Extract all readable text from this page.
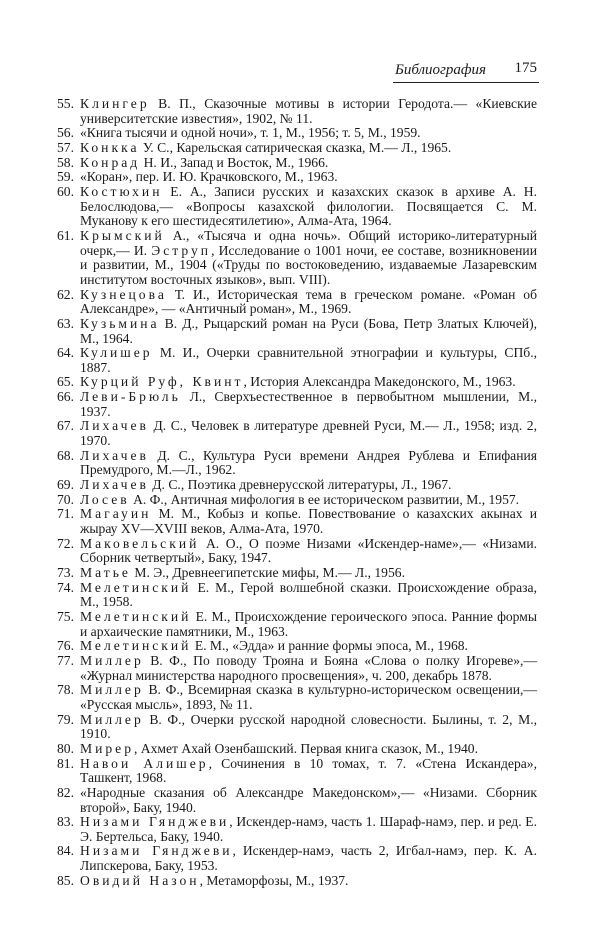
Библиография 175

55. Клингер В. П., Сказочные мотивы в истории Геродота.— «Киевские университетские известия», 1902, № 11.

56. «Книга тысячи и одной ночи», т. 1, М., 1956; т. 5, М., 1959.

57. Конкка У. С., Карельская сатирическая сказка, М.— Л., 1965.

58. Конрад Н. И., Запад и Восток, М., 1966.

59. «Коран», пер. И. Ю. Крачковского, М., 1963.

60. Костюхин Е. А., Записи русских и казахских сказок в архиве А. Н. Белослюдова,— «Вопросы казахской филологии. Посвящается С. М. Муканову к его шестидесятилетию», Алма-Ата, 1964.

61. Крымский А., «Тысяча и одна ночь». Общий историко-литературный очерк,— И. Эструп, Исследование о 1001 ночи, ее составе, возникновении и развитии, М., 1904 («Труды по востоковедению, издаваемые Лазаревским институтом восточных языков», вып. VIII).

62. Кузнецова Т. И., Историческая тема в греческом романе. «Роман об Александре», — «Античный роман», М., 1969.

63. Кузьмина В. Д., Рыцарский роман на Руси (Бова, Петр Златых Ключей), М., 1964.

64. Кулишер М. И., Очерки сравнительной этнографии и культуры, СПб., 1887.

65. Курций Руф, Квинт, История Александра Македонского, М., 1963.

66. Леви-Брюль Л., Сверхъестественное в первобытном мышлении, М., 1937.

67. Лихачев Д. С., Человек в литературе древней Руси, М.— Л., 1958; изд. 2, 1970.

68. Лихачев Д. С., Культура Руси времени Андрея Рублева и Епифания Премудрого, М.—Л., 1962.

69. Лихачев Д. С., Поэтика древнерусской литературы, Л., 1967.

70. Лосев А. Ф., Античная мифология в ее историческом развитии, М., 1957.

71. Магауин М. М., Кобыз и копье. Повествование о казахских акынах и жырау XV—XVIII веков, Алма-Ата, 1970.

72. Маковельский А. О., О поэме Низами «Искендер-наме»,— «Низами. Сборник четвертый», Баку, 1947.

73. Матье М. Э., Древнеегипетские мифы, М.— Л., 1956.

74. Мелетинский Е. М., Герой волшебной сказки. Происхождение образа, М., 1958.

75. Мелетинский Е. М., Происхождение героического эпоса. Ранние формы и архаические памятники, М., 1963.

76. Мелетинский Е. М., «Эдда» и ранние формы эпоса, М., 1968.

77. Миллер В. Ф., По поводу Трояна и Бояна «Слова о полку Игореве»,— «Журнал министерства народного просвещения», ч. 200, декабрь 1878.

78. Миллер В. Ф., Всемирная сказка в культурно-историческом освещении,— «Русская мысль», 1893, № 11.

79. Миллер В. Ф., Очерки русской народной словесности. Былины, т. 2, М., 1910.

80. Мирер, Ахмет Ахай Озенбашский. Первая книга сказок, М., 1940.

81. Навои Алишер, Сочинения в 10 томах, т. 7. «Стена Искандера», Ташкент, 1968.

82. «Народные сказания об Александре Македонском»,— «Низами. Сборник второй», Баку, 1940.

83. Низами Гянджеви, Искендер-намэ, часть 1. Шараф-намэ, пер. и ред. Е. Э. Бертельса, Баку, 1940.

84. Низами Гянджеви, Искендер-намэ, часть 2, Игбал-намэ, пер. К. А. Липскерова, Баку, 1953.

85. Овидий Назон, Метаморфозы, М., 1937.
